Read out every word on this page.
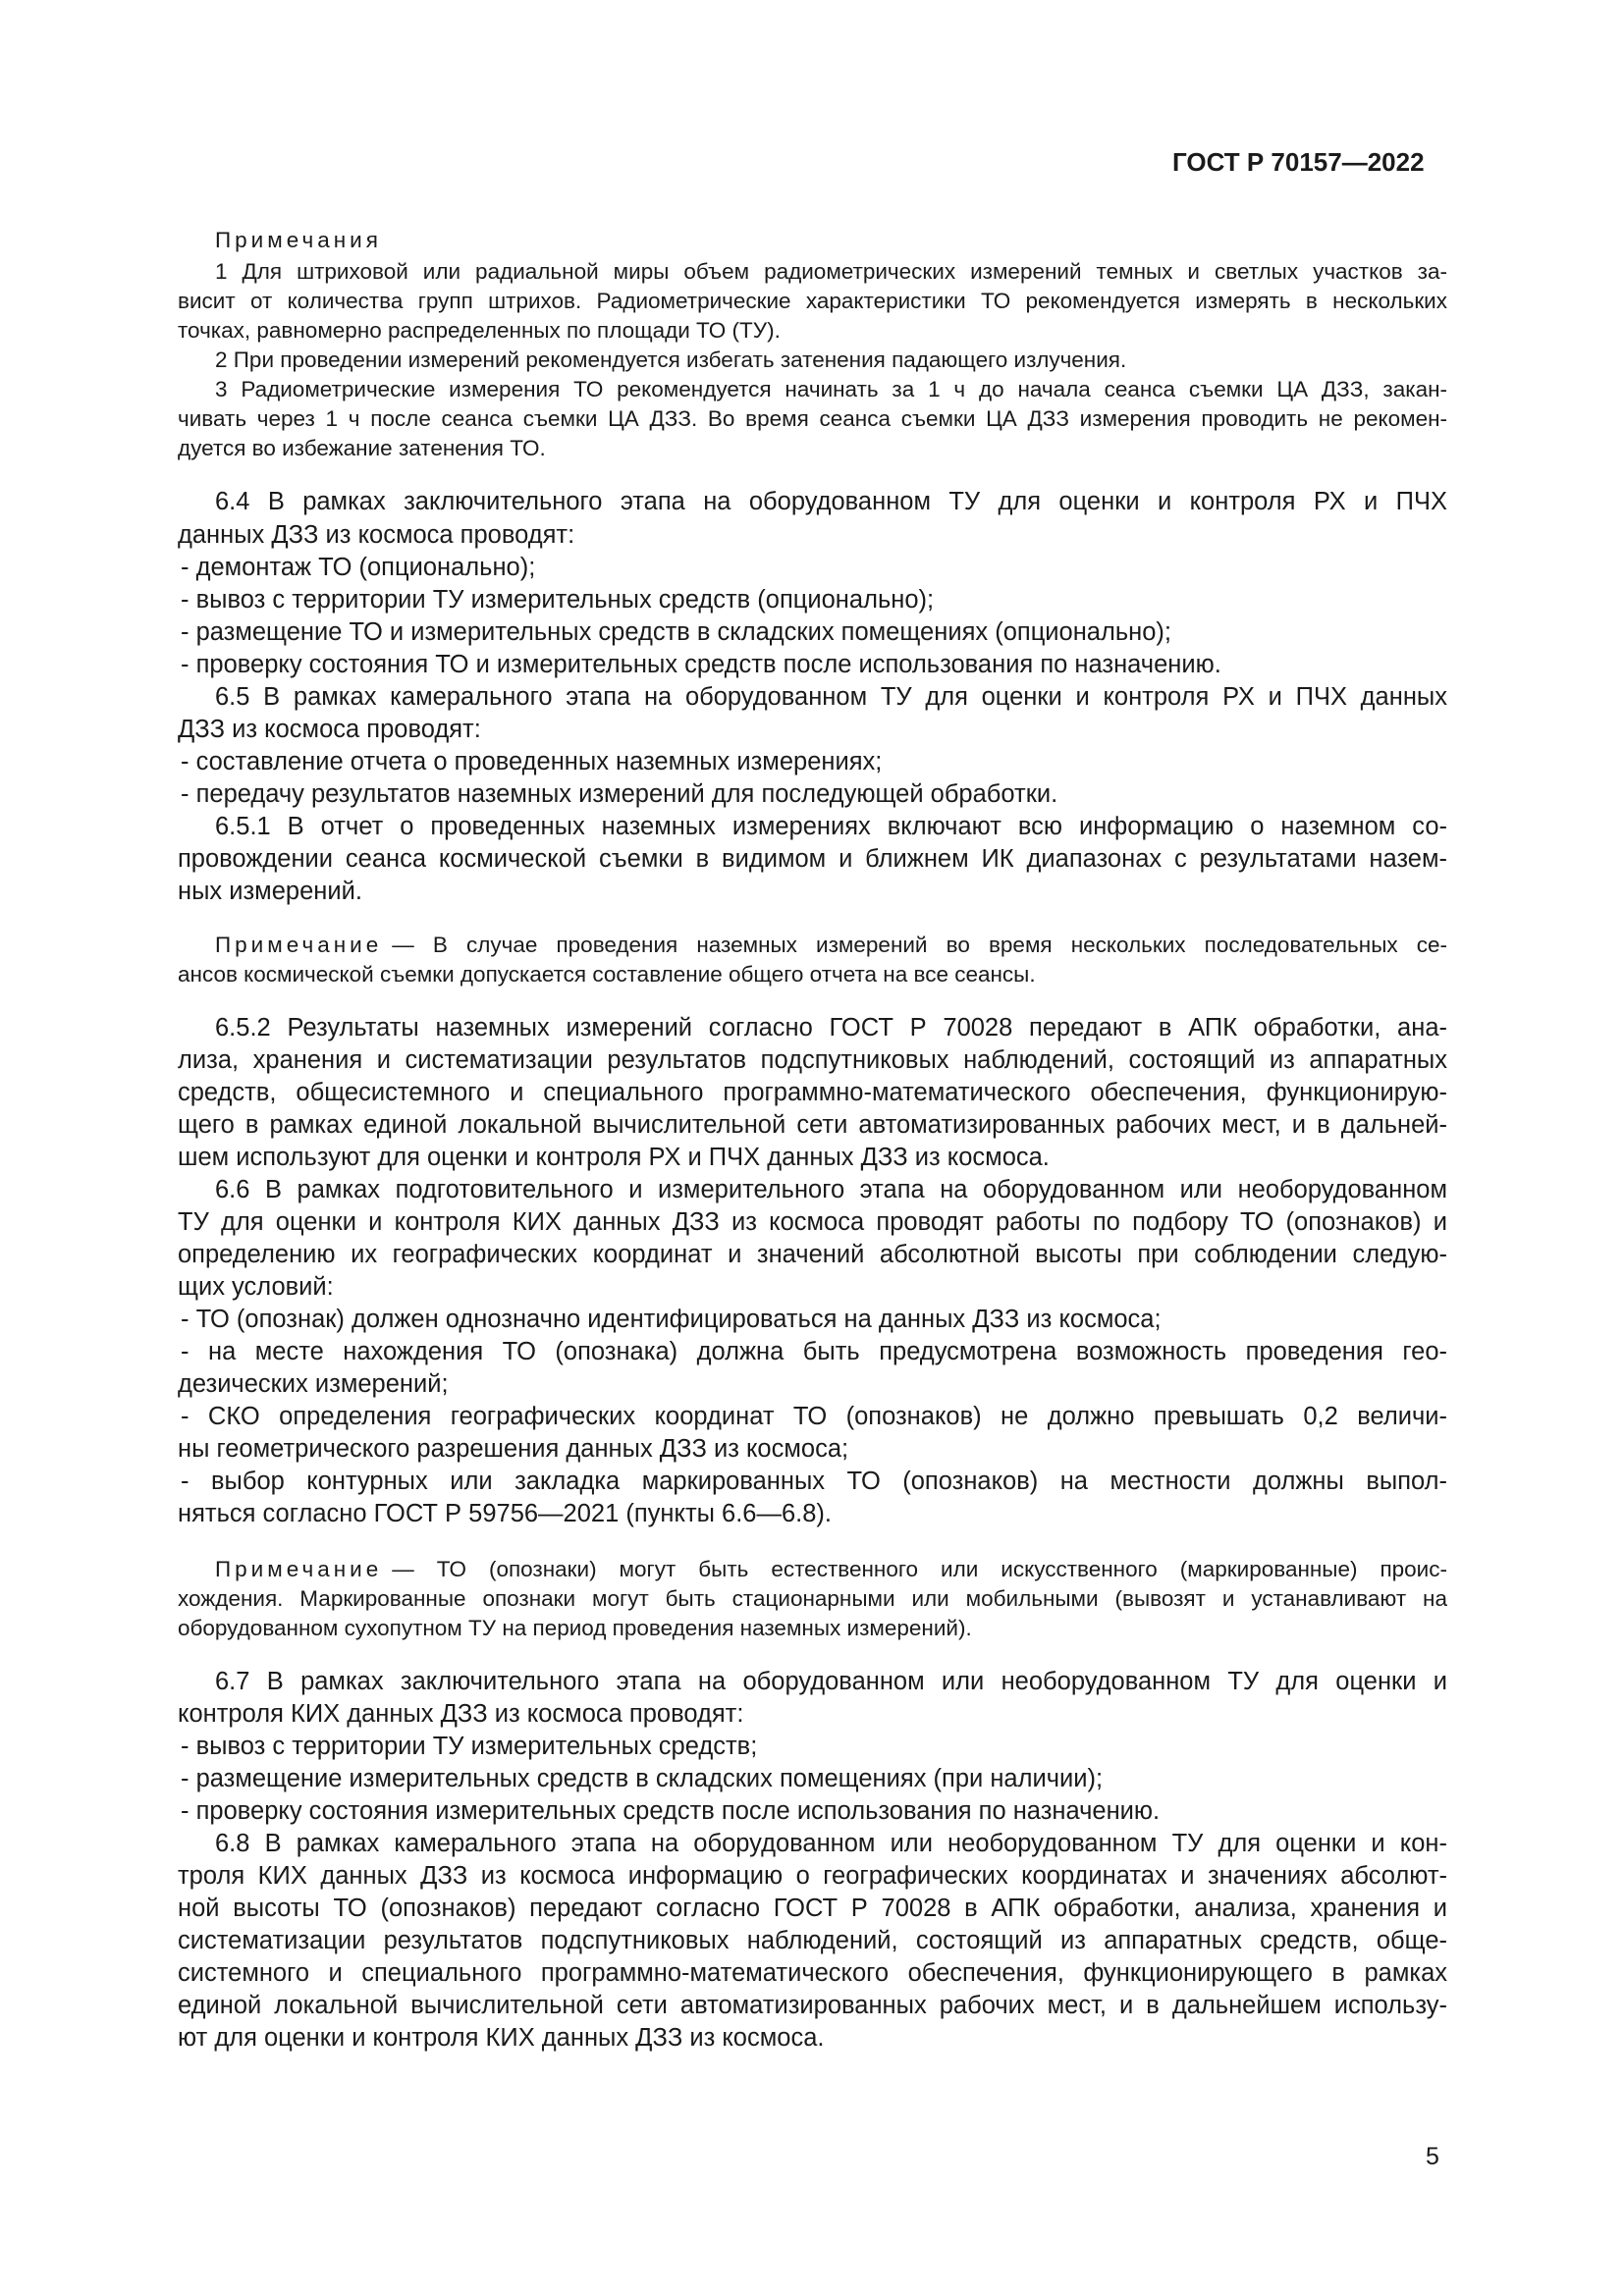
ГОСТ Р 70157—2022
Примечания
1 Для штриховой или радиальной миры объем радиометрических измерений темных и светлых участков за-
висит от количества групп штрихов. Радиометрические характеристики ТО рекомендуется измерять в нескольких
точках, равномерно распределенных по площади ТО (ТУ).
2 При проведении измерений рекомендуется избегать затенения падающего излучения.
3 Радиометрические измерения ТО рекомендуется начинать за 1 ч до начала сеанса съемки ЦА ДЗЗ, закан-
чивать через 1 ч после сеанса съемки ЦА ДЗЗ. Во время сеанса съемки ЦА ДЗЗ измерения проводить не рекомен-
дуется во избежание затенения ТО.
6.4 В рамках заключительного этапа на оборудованном ТУ для оценки и контроля РХ и ПЧХ
данных ДЗЗ из космоса проводят:
- демонтаж ТО (опционально);
- вывоз с территории ТУ измерительных средств (опционально);
- размещение ТО и измерительных средств в складских помещениях (опционально);
- проверку состояния ТО и измерительных средств после использования по назначению.
6.5 В рамках камерального этапа на оборудованном ТУ для оценки и контроля РХ и ПЧХ данных
ДЗЗ из космоса проводят:
- составление отчета о проведенных наземных измерениях;
- передачу результатов наземных измерений для последующей обработки.
6.5.1 В отчет о проведенных наземных измерениях включают всю информацию о наземном со-
провождении сеанса космической съемки в видимом и ближнем ИК диапазонах с результатами назем-
ных измерений.
Примечание — В случае проведения наземных измерений во время нескольких последовательных се-
ансов космической съемки допускается составление общего отчета на все сеансы.
6.5.2 Результаты наземных измерений согласно ГОСТ Р 70028 передают в АПК обработки, ана-
лиза, хранения и систематизации результатов подспутниковых наблюдений, состоящий из аппаратных
средств, общесистемного и специального программно-математического обеспечения, функционирую-
щего в рамках единой локальной вычислительной сети автоматизированных рабочих мест, и в дальней-
шем используют для оценки и контроля РХ и ПЧХ данных ДЗЗ из космоса.
6.6 В рамках подготовительного и измерительного этапа на оборудованном или необорудованном
ТУ для оценки и контроля КИХ данных ДЗЗ из космоса проводят работы по подбору ТО (опознаков) и
определению их географических координат и значений абсолютной высоты при соблюдении следую-
щих условий:
- ТО (опознак) должен однозначно идентифицироваться на данных ДЗЗ из космоса;
- на месте нахождения ТО (опознака) должна быть предусмотрена возможность проведения гео-
дезических измерений;
- СКО определения географических координат ТО (опознаков) не должно превышать 0,2 величи-
ны геометрического разрешения данных ДЗЗ из космоса;
- выбор контурных или закладка маркированных ТО (опознаков) на местности должны выпол-
няться согласно ГОСТ Р 59756—2021 (пункты 6.6—6.8).
Примечание — ТО (опознаки) могут быть естественного или искусственного (маркированные) проис-
хождения. Маркированные опознаки могут быть стационарными или мобильными (вывозят и устанавливают на
оборудованном сухопутном ТУ на период проведения наземных измерений).
6.7 В рамках заключительного этапа на оборудованном или необорудованном ТУ для оценки и
контроля КИХ данных ДЗЗ из космоса проводят:
- вывоз с территории ТУ измерительных средств;
- размещение измерительных средств в складских помещениях (при наличии);
- проверку состояния измерительных средств после использования по назначению.
6.8 В рамках камерального этапа на оборудованном или необорудованном ТУ для оценки и кон-
троля КИХ данных ДЗЗ из космоса информацию о географических координатах и значениях абсолют-
ной высоты ТО (опознаков) передают согласно ГОСТ Р 70028 в АПК обработки, анализа, хранения и
систематизации результатов подспутниковых наблюдений, состоящий из аппаратных средств, обще-
системного и специального программно-математического обеспечения, функционирующего в рамках
единой локальной вычислительной сети автоматизированных рабочих мест, и в дальнейшем использу-
ют для оценки и контроля КИХ данных ДЗЗ из космоса.
5
